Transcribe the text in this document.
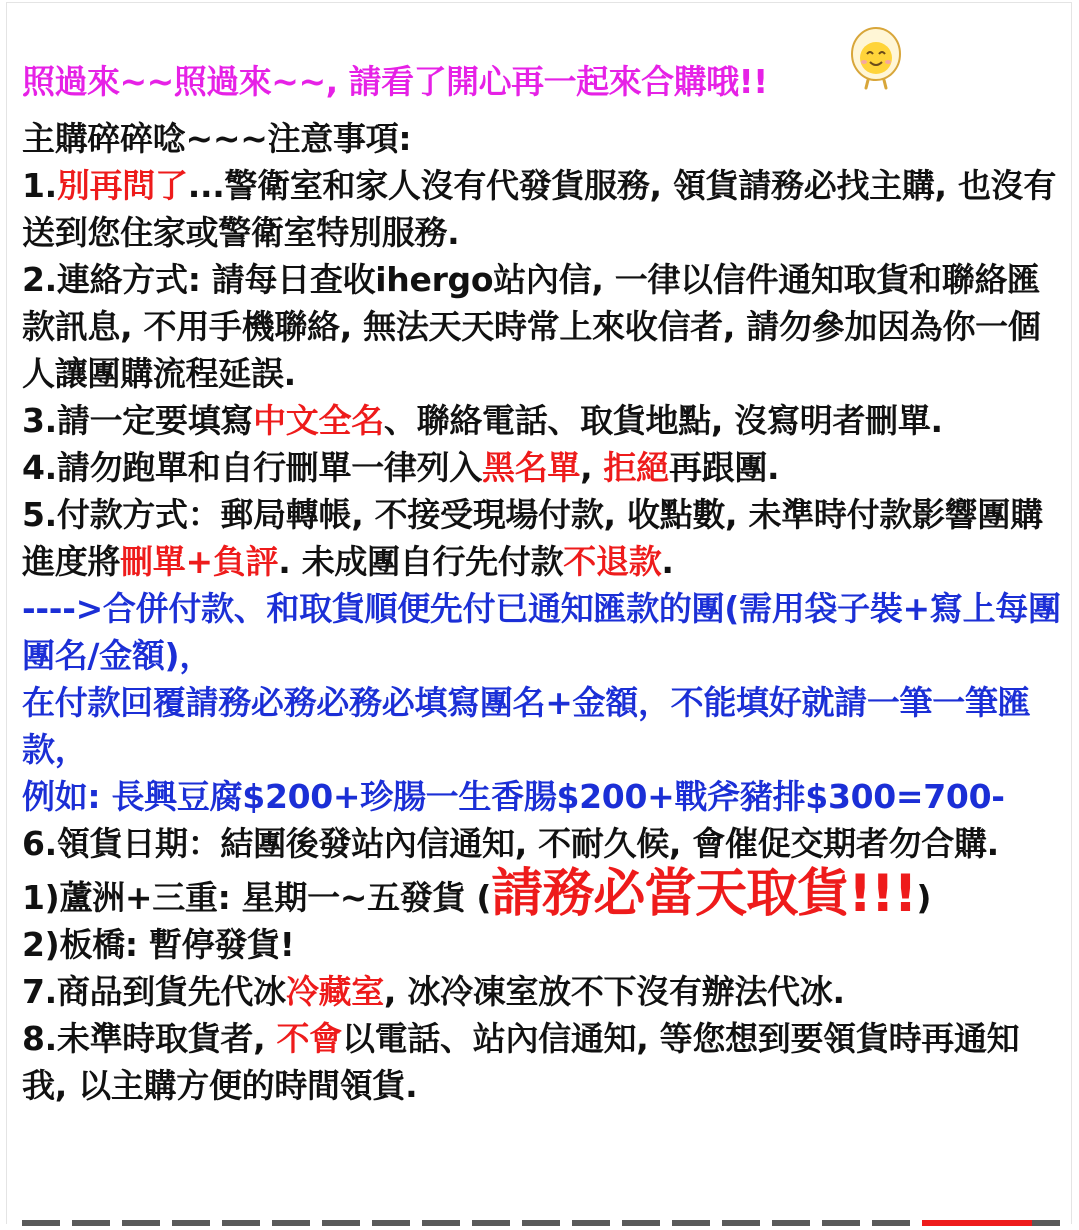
照過來~~照過來~~, 請看了開心再一起來合購哦!!

主購碎碎唸~~~注意事項:

1.別再問了...警衛室和家人沒有代發貨服務, 領貨請務必找主購, 也沒有送到您住家或警衛室特別服務.

2.連絡方式: 請每日查收ihergo站內信, 一律以信件通知取貨和聯絡匯款訊息, 不用手機聯絡, 無法天天時常上來收信者, 請勿參加因為你一個人讓團購流程延誤.

3.請一定要填寫中文全名、聯絡電話、取貨地點, 沒寫明者刪單.

4.請勿跑單和自行刪單一律列入黑名單, 拒絕再跟團.

5.付款方式：郵局轉帳, 不接受現場付款, 收點數, 未準時付款影響團購進度將刪單+負評. 未成團自行先付款不退款.

---->合併付款、和取貨順便先付已通知匯款的團(需用袋子裝+寫上每團團名/金額)，

在付款回覆請務必務必務必填寫團名+金額，不能填好就請一筆一筆匯款，

例如: 長興豆腐$200+珍腸一生香腸$200+戰斧豬排$300=700-

6.領貨日期：結團後發站內信通知, 不耐久候, 會催促交期者勿合購.

1)蘆洲+三重: 星期一~五發貨 (請務必當天取貨!!!)

2)板橋: 暫停發貨!

7.商品到貨先代冰冷藏室, 冰冷凍室放不下沒有辦法代冰.

8.未準時取貨者, 不會以電話、站內信通知, 等您想到要領貨時再通知我, 以主購方便的時間領貨.
